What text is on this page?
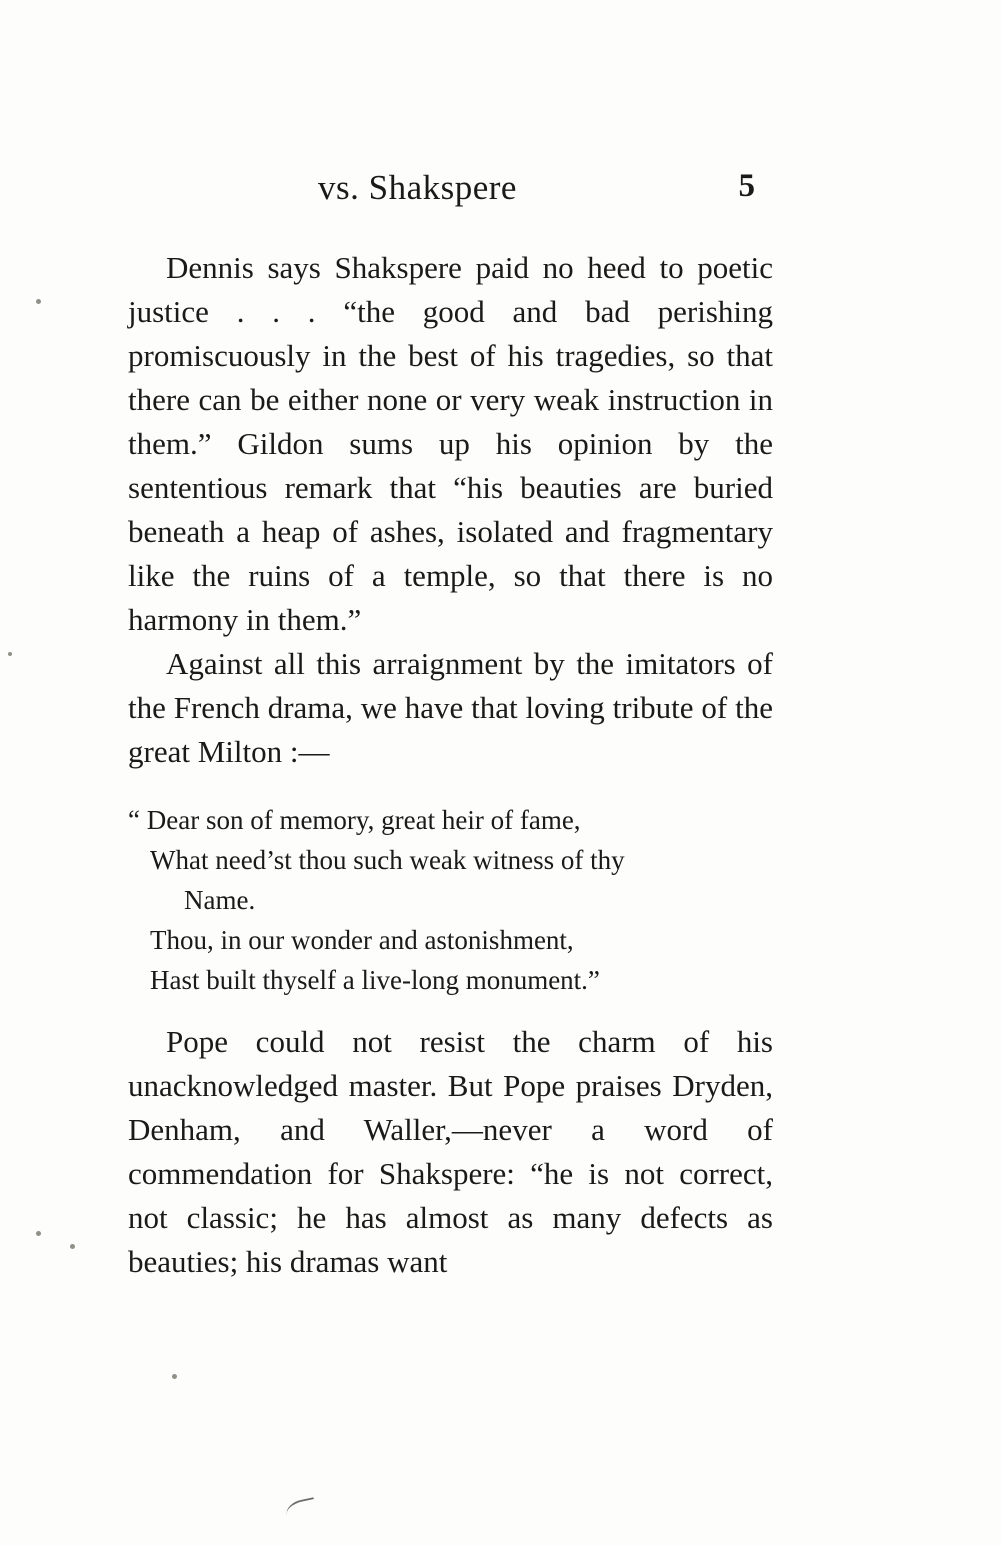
vs. Shakspere	5

Dennis says Shakspere paid no heed to poetic justice . . . “the good and bad perishing promiscuously in the best of his tragedies, so that there can be either none or very weak instruction in them.” Gildon sums up his opinion by the sententious remark that “his beauties are buried beneath a heap of ashes, isolated and fragmentary like the ruins of a temple, so that there is no harmony in them.”

Against all this arraignment by the imitators of the French drama, we have that loving tribute of the great Milton :—

“ Dear son of memory, great heir of fame,
What need’st thou such weak witness of thy
Name.
Thou, in our wonder and astonishment,
Hast built thyself a live-long monument.”

Pope could not resist the charm of his unacknowledged master. But Pope praises Dryden, Denham, and Waller,—never a word of commendation for Shakspere: “he is not correct, not classic; he has almost as many defects as beauties; his dramas want
